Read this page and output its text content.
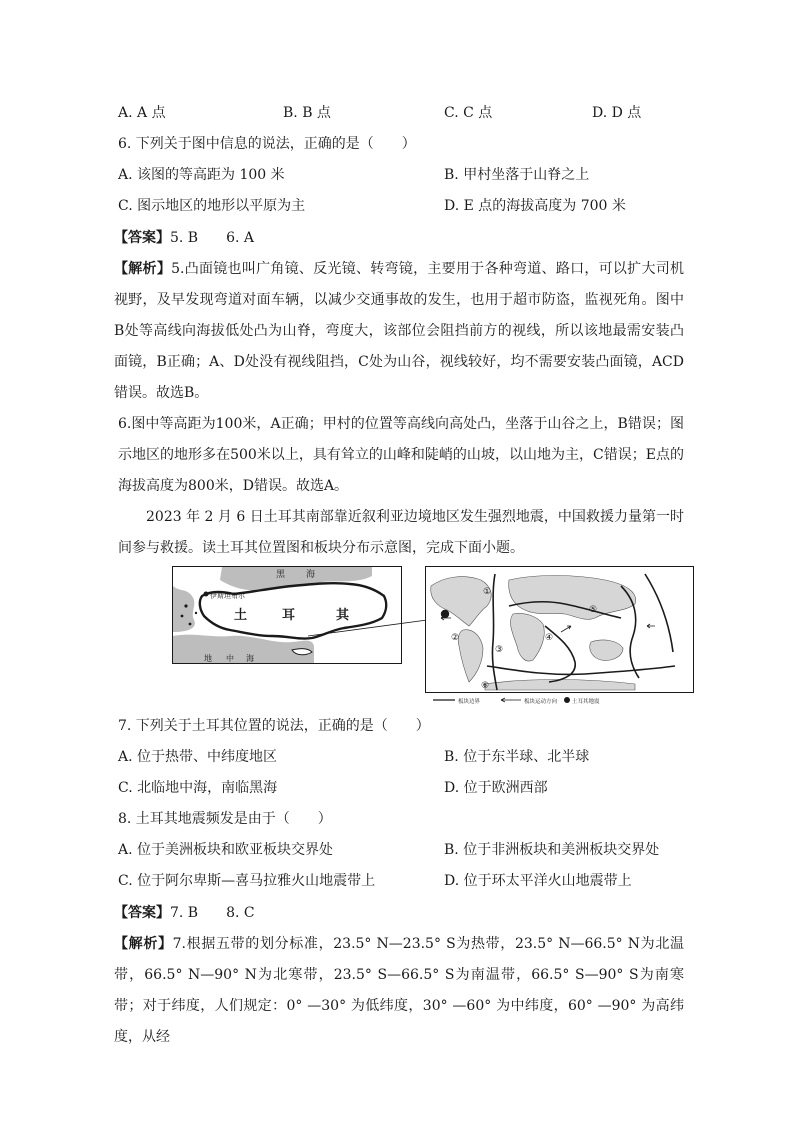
A. A 点	B. B 点	C. C 点	D. D 点
6. 下列关于图中信息的说法，正确的是（　　）
A. 该图的等高距为 100 米	B. 甲村坐落于山脊之上
C. 图示地区的地形以平原为主	D. E 点的海拔高度为 700 米
【答案】5. B　　6. A
【解析】5.凸面镜也叫广角镜、反光镜、转弯镜，主要用于各种弯道、路口，可以扩大司机视野，及早发现弯道对面车辆，以减少交通事故的发生，也用于超市防盗，监视死角。图中B处等高线向海拔低处凸为山脊，弯度大，该部位会阻挡前方的视线，所以该地最需安装凸面镜，B正确；A、D处没有视线阻挡，C处为山谷，视线较好，均不需要安装凸面镜，ACD错误。故选B。
6.图中等高距为100米，A正确；甲村的位置等高线向高处凸，坐落于山谷之上，B错误；图示地区的地形多在500米以上，具有耸立的山峰和陡峭的山坡，以山地为主，C错误；E点的海拔高度为800米，D错误。故选A。
2023 年 2 月 6 日土耳其南部靠近叙利亚边境地区发生强烈地震，中国救援力量第一时间参与救援。读土耳其位置图和板块分布示意图，完成下面小题。
伊斯坦布尔
黑 海
土	耳	其
地 中 海
①
②
③
④
⑤
⑥
板块边界	板块运动方向	土耳其地震
7. 下列关于土耳其位置的说法，正确的是（　　）
A. 位于热带、中纬度地区	B. 位于东半球、北半球
C. 北临地中海，南临黑海	D. 位于欧洲西部
8. 土耳其地震频发是由于（　　）
A. 位于美洲板块和欧亚板块交界处	B. 位于非洲板块和美洲板块交界处
C. 位于阿尔卑斯—喜马拉雅火山地震带上	D. 位于环太平洋火山地震带上
【答案】7. B　　8. C
【解析】7.根据五带的划分标准，23.5° N—23.5° S为热带，23.5° N—66.5° N为北温带，66.5° N—90° N为北寒带，23.5° S—66.5° S为南温带，66.5° S—90° S为南寒带；对于纬度，人们规定：0° —30° 为低纬度，30° —60° 为中纬度，60° —90° 为高纬度，从经
